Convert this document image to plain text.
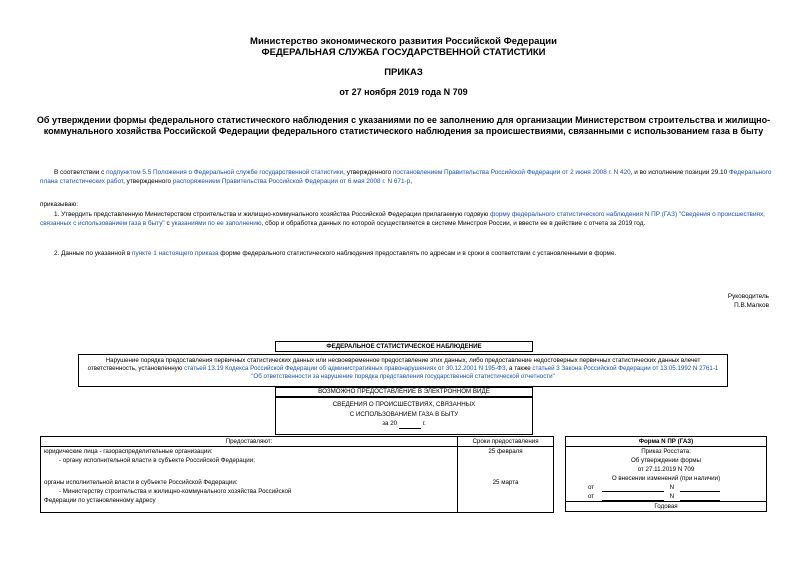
Министерство экономического развития Российской Федерации
ФЕДЕРАЛЬНАЯ СЛУЖБА ГОСУДАРСТВЕННОЙ СТАТИСТИКИ
ПРИКАЗ
от 27 ноября 2019 года N 709
Об утверждении формы федерального статистического наблюдения с указаниями по ее заполнению для организации Министерством строительства и жилищно-коммунального хозяйства Российской Федерации федерального статистического наблюдения за происшествиями, связанными с использованием газа в быту
В соответствии с подпунктом 5.5 Положения о Федеральной службе государственной статистики, утвержденного постановлением Правительства Российской Федерации от 2 июня 2008 г. N 420, и во исполнение позиции 29.10 Федерального плана статистических работ, утвержденного распоряжением Правительства Российской Федерации от 6 мая 2008 г. N 671-р,
приказываю:
1. Утвердить представленную Министерством строительства и жилищно-коммунального хозяйства Российской Федерации прилагаемую годовую форму федерального статистического наблюдения N ПР (ГАЗ) "Сведения о происшествиях, связанных с использованием газа в быту" с указаниями по ее заполнению, сбор и обработка данных по которой осуществляется в системе Минстроя России, и ввести ее в действие с отчета за 2019 год.
2. Данные по указанной в пункте 1 настоящего приказа форме федерального статистического наблюдения предоставлять по адресам и в сроки в соответствии с установленными в форме.
Руководитель
П.В.Малков
ФЕДЕРАЛЬНОЕ СТАТИСТИЧЕСКОЕ НАБЛЮДЕНИЕ
Нарушение порядка предоставления первичных статистических данных или несвоевременное предоставление этих данных, либо предоставление недостоверных первичных статистических данных влечет ответственность, установленную статьей 13.19 Кодекса Российской Федерации об административных правонарушениях от 30.12.2001 N 195-ФЗ, а также статьей 3 Закона Российской Федерации от 13.05.1992 N 2761-1 "Об ответственности за нарушение порядка представления государственной статистической отчетности"
ВОЗМОЖНО ПРЕДОСТАВЛЕНИЕ В ЭЛЕКТРОННОМ ВИДЕ
СВЕДЕНИЯ О ПРОИСШЕСТВИЯХ, СВЯЗАННЫХ
С ИСПОЛЬЗОВАНИЕМ ГАЗА В БЫТУ
за 20	г.
Предоставляют:	Сроки предоставления
юридические лица - газораспределительные организации:	25 февраля
- органу исполнительной власти в субъекте Российской Федерации;	
органы исполнительной власти в субъекте Российской Федерации:	25 марта
- Министерству строительства и жилищно-коммунального хозяйства Российской	
Федерации по установленному адресу	
Форма N ПР (ГАЗ)
Приказ Росстата:
Об утверждении формы
от 27.11.2019 N 709
О внесении изменений (при наличии)
от	N
от	N
Годовая
